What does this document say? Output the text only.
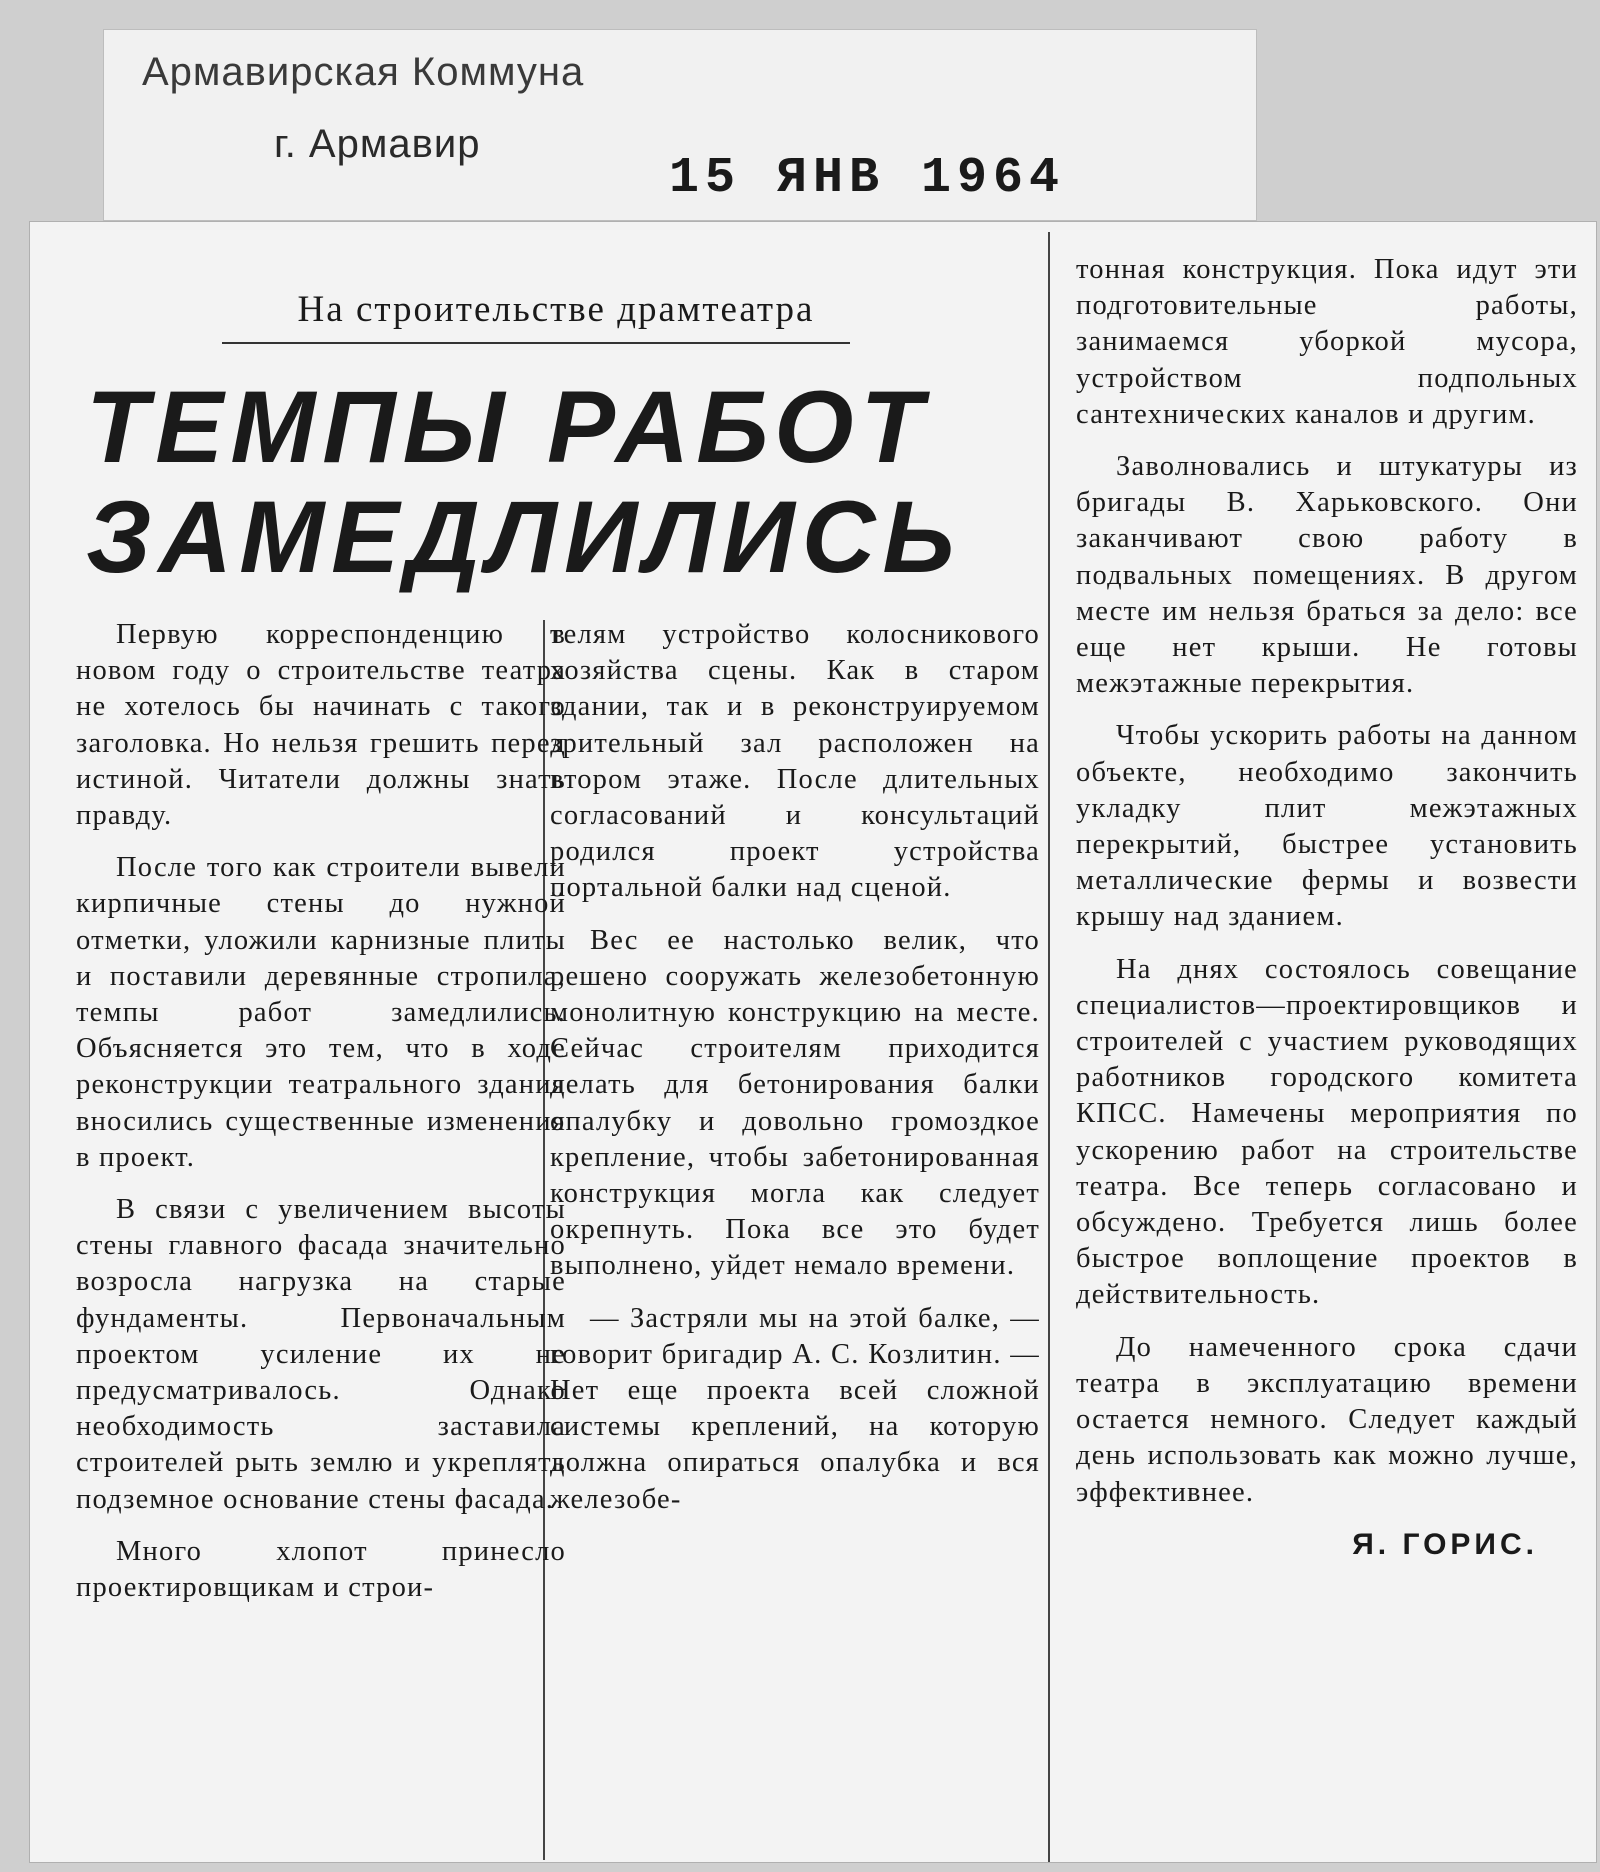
Армавирская Коммуна
г. Армавир
15 ЯНВ 1964
На строительстве драмтеатра
ТЕМПЫ РАБОТ
ЗАМЕДЛИЛИСЬ

Первую корреспонденцию в новом году о строительстве театра не хотелось бы начинать с такого заголовка. Но нельзя грешить перед истиной. Читатели должны знать правду.

После того как строители вывели кирпичные стены до нужной отметки, уложили карнизные плиты и поставили деревянные стропила, темпы работ замедлились. Объясняется это тем, что в ходе реконструкции театрального здания вносились существенные изменения в проект.

В связи с увеличением высоты стены главного фасада значительно возросла нагрузка на старые фундаменты. Первоначальным проектом усиление их не предусматривалось. Однако необходимость заставила строителей рыть землю и укреплять подземное основание стены фасада.

Много хлопот принесло проектировщикам и строи-

телям устройство колосникового хозяйства сцены. Как в старом здании, так и в реконструируемом зрительный зал расположен на втором этаже. После длительных согласований и консультаций родился проект устройства портальной балки над сценой.

Вес ее настолько велик, что решено сооружать железобетонную монолитную конструкцию на месте. Сейчас строителям приходится делать для бетонирования балки опалубку и довольно громоздкое крепление, чтобы забетонированная конструкция могла как следует окрепнуть. Пока все это будет выполнено, уйдет немало времени.

— Застряли мы на этой балке, — говорит бригадир А. С. Козлитин. — Нет еще проекта всей сложной системы креплений, на которую должна опираться опалубка и вся железобе-

тонная конструкция. Пока идут эти подготовительные работы, занимаемся уборкой мусора, устройством подпольных сантехнических каналов и другим.

Заволновались и штукатуры из бригады В. Харьковского. Они заканчивают свою работу в подвальных помещениях. В другом месте им нельзя браться за дело: все еще нет крыши. Не готовы межэтажные перекрытия.

Чтобы ускорить работы на данном объекте, необходимо закончить укладку плит межэтажных перекрытий, быстрее установить металлические фермы и возвести крышу над зданием.

На днях состоялось совещание специалистов—проектировщиков и строителей с участием руководящих работников городского комитета КПСС. Намечены мероприятия по ускорению работ на строительстве театра. Все теперь согласовано и обсуждено. Требуется лишь более быстрое воплощение проектов в действительность.

До намеченного срока сдачи театра в эксплуатацию времени остается немного. Следует каждый день использовать как можно лучше, эффективнее.

Я. ГОРИС.
